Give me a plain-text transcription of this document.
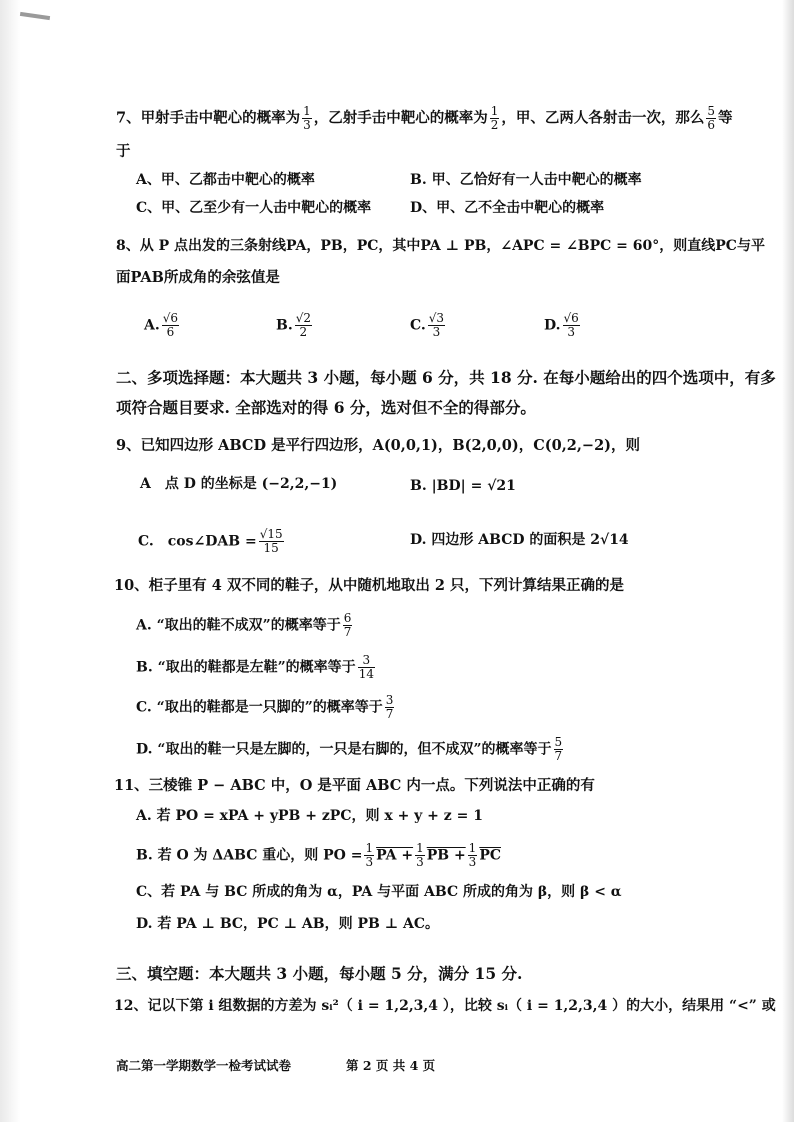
7、甲射手击中靶心的概率为 $\frac{1}{3}$ ，乙射手击中靶心的概率为 $\frac{1}{2}$ ，甲、乙两人各射击一次，那么 $\frac{5}{6}$ 等
于
A、甲、乙都击中靶心的概率	B. 甲、乙恰好有一人击中靶心的概率
C、甲、乙至少有一人击中靶心的概率	D、甲、乙不全击中靶心的概率
8、从 P 点出发的三条射线PA，PB，PC，其中PA ⊥ PB，∠APC = ∠BPC = 60°，则直线PC与平
面PAB所成角的余弦值是
A. $\frac{√6}{6}$	B. $\frac{√2}{2}$	C. $\frac{√3}{3}$	D. $\frac{√6}{3}$
二、多项选择题：本大题共 3 小题，每小题 6 分，共 18 分. 在每小题给出的四个选项中，有多
项符合题目要求. 全部选对的得 6 分，选对但不全的得部分。
9、已知四边形 ABCD 是平行四边形，A(0,0,1)，B(2,0,0)，C(0,2,−2)，则
A　点 D 的坐标是 (−2,2,−1)	B. |BD| = √21
C.　cos∠DAB = $\frac{√15}{15}$	D. 四边形 ABCD 的面积是 2√14
10、柜子里有 4 双不同的鞋子，从中随机地取出 2 只，下列计算结果正确的是
A. “取出的鞋不成双”的概率等于 $\frac{6}{7}$
B. “取出的鞋都是左鞋”的概率等于 $\frac{3}{14}$
C. “取出的鞋都是一只脚的”的概率等于 $\frac{3}{7}$
D. “取出的鞋一只是左脚的，一只是右脚的，但不成双”的概率等于 $\frac{5}{7}$
11、三棱锥 P − ABC 中，O 是平面 ABC 内一点。下列说法中正确的有
A. 若 PO = xPA + yPB + zPC，则 x + y + z = 1
B. 若 O 为 ΔABC 重心，则 PO = $\frac{1}{3}$ PA + $\frac{1}{3}$ PB + $\frac{1}{3} \overline{PC}$
C、若 PA 与 BC 所成的角为 α，PA 与平面 ABC 所成的角为 β，则 β < α
D. 若 PA ⊥ BC，PC ⊥ AB，则 PB ⊥ AC。
三、填空题：本大题共 3 小题，每小题 5 分，满分 15 分.
12、记以下第 i 组数据的方差为 sᵢ²（ i = 1,2,3,4 ），比较 sᵢ（ i = 1,2,3,4 ）的大小，结果用 “<” 或
高二第一学期数学一检考试试卷	第 2 页 共 4 页
